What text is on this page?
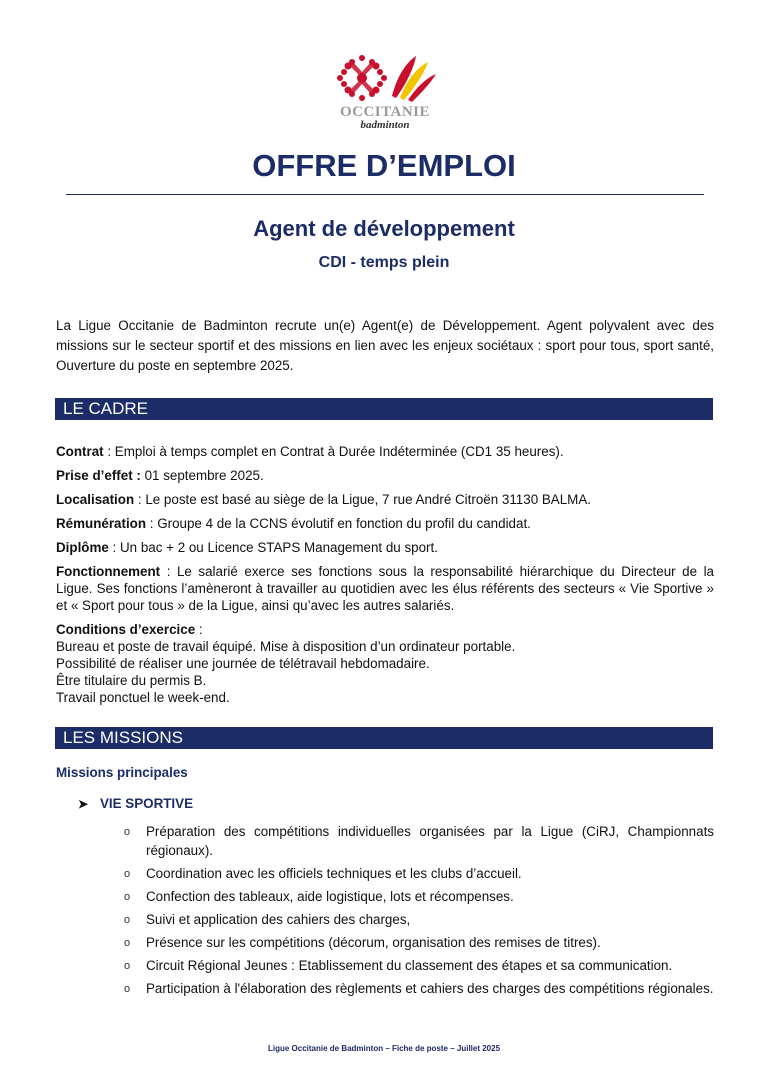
OCCITANIE
badminton
OFFRE D’EMPLOI
Agent de développement
CDI - temps plein
La Ligue Occitanie de Badminton recrute un(e) Agent(e) de Développement. Agent polyvalent avec des missions sur le secteur sportif et des missions en lien avec les enjeux sociétaux : sport pour tous, sport santé, Ouverture du poste en septembre 2025.
LE CADRE

Contrat : Emploi à temps complet en Contrat à Durée Indéterminée (CD1 35 heures).

Prise d’effet : 01 septembre 2025.

Localisation : Le poste est basé au siège de la Ligue, 7 rue André Citroën 31130 BALMA.

Rémunération : Groupe 4 de la CCNS évolutif en fonction du profil du candidat.

Diplôme : Un bac + 2 ou Licence STAPS Management du sport.

Fonctionnement : Le salarié exerce ses fonctions sous la responsabilité hiérarchique du Directeur de la Ligue. Ses fonctions l’amèneront à travailler au quotidien avec les élus référents des secteurs « Vie Sportive » et « Sport pour tous » de la Ligue, ainsi qu’avec les autres salariés.

Conditions d’exercice :
Bureau et poste de travail équipé. Mise à disposition d’un ordinateur portable.
Possibilité de réaliser une journée de télétravail hebdomadaire.
Être titulaire du permis B.
Travail ponctuel le week-end.
LES MISSIONS
Missions principales
➤ VIE SPORTIVE
o Préparation des compétitions individuelles organisées par la Ligue (CiRJ, Championnats régionaux).
o Coordination avec les officiels techniques et les clubs d’accueil.
o Confection des tableaux, aide logistique, lots et récompenses.
o Suivi et application des cahiers des charges,
o Présence sur les compétitions (décorum, organisation des remises de titres).
o Circuit Régional Jeunes : Etablissement du classement des étapes et sa communication.
o Participation à l'élaboration des règlements et cahiers des charges des compétitions régionales.
Ligue Occitanie de Badminton – Fiche de poste – Juillet 2025
